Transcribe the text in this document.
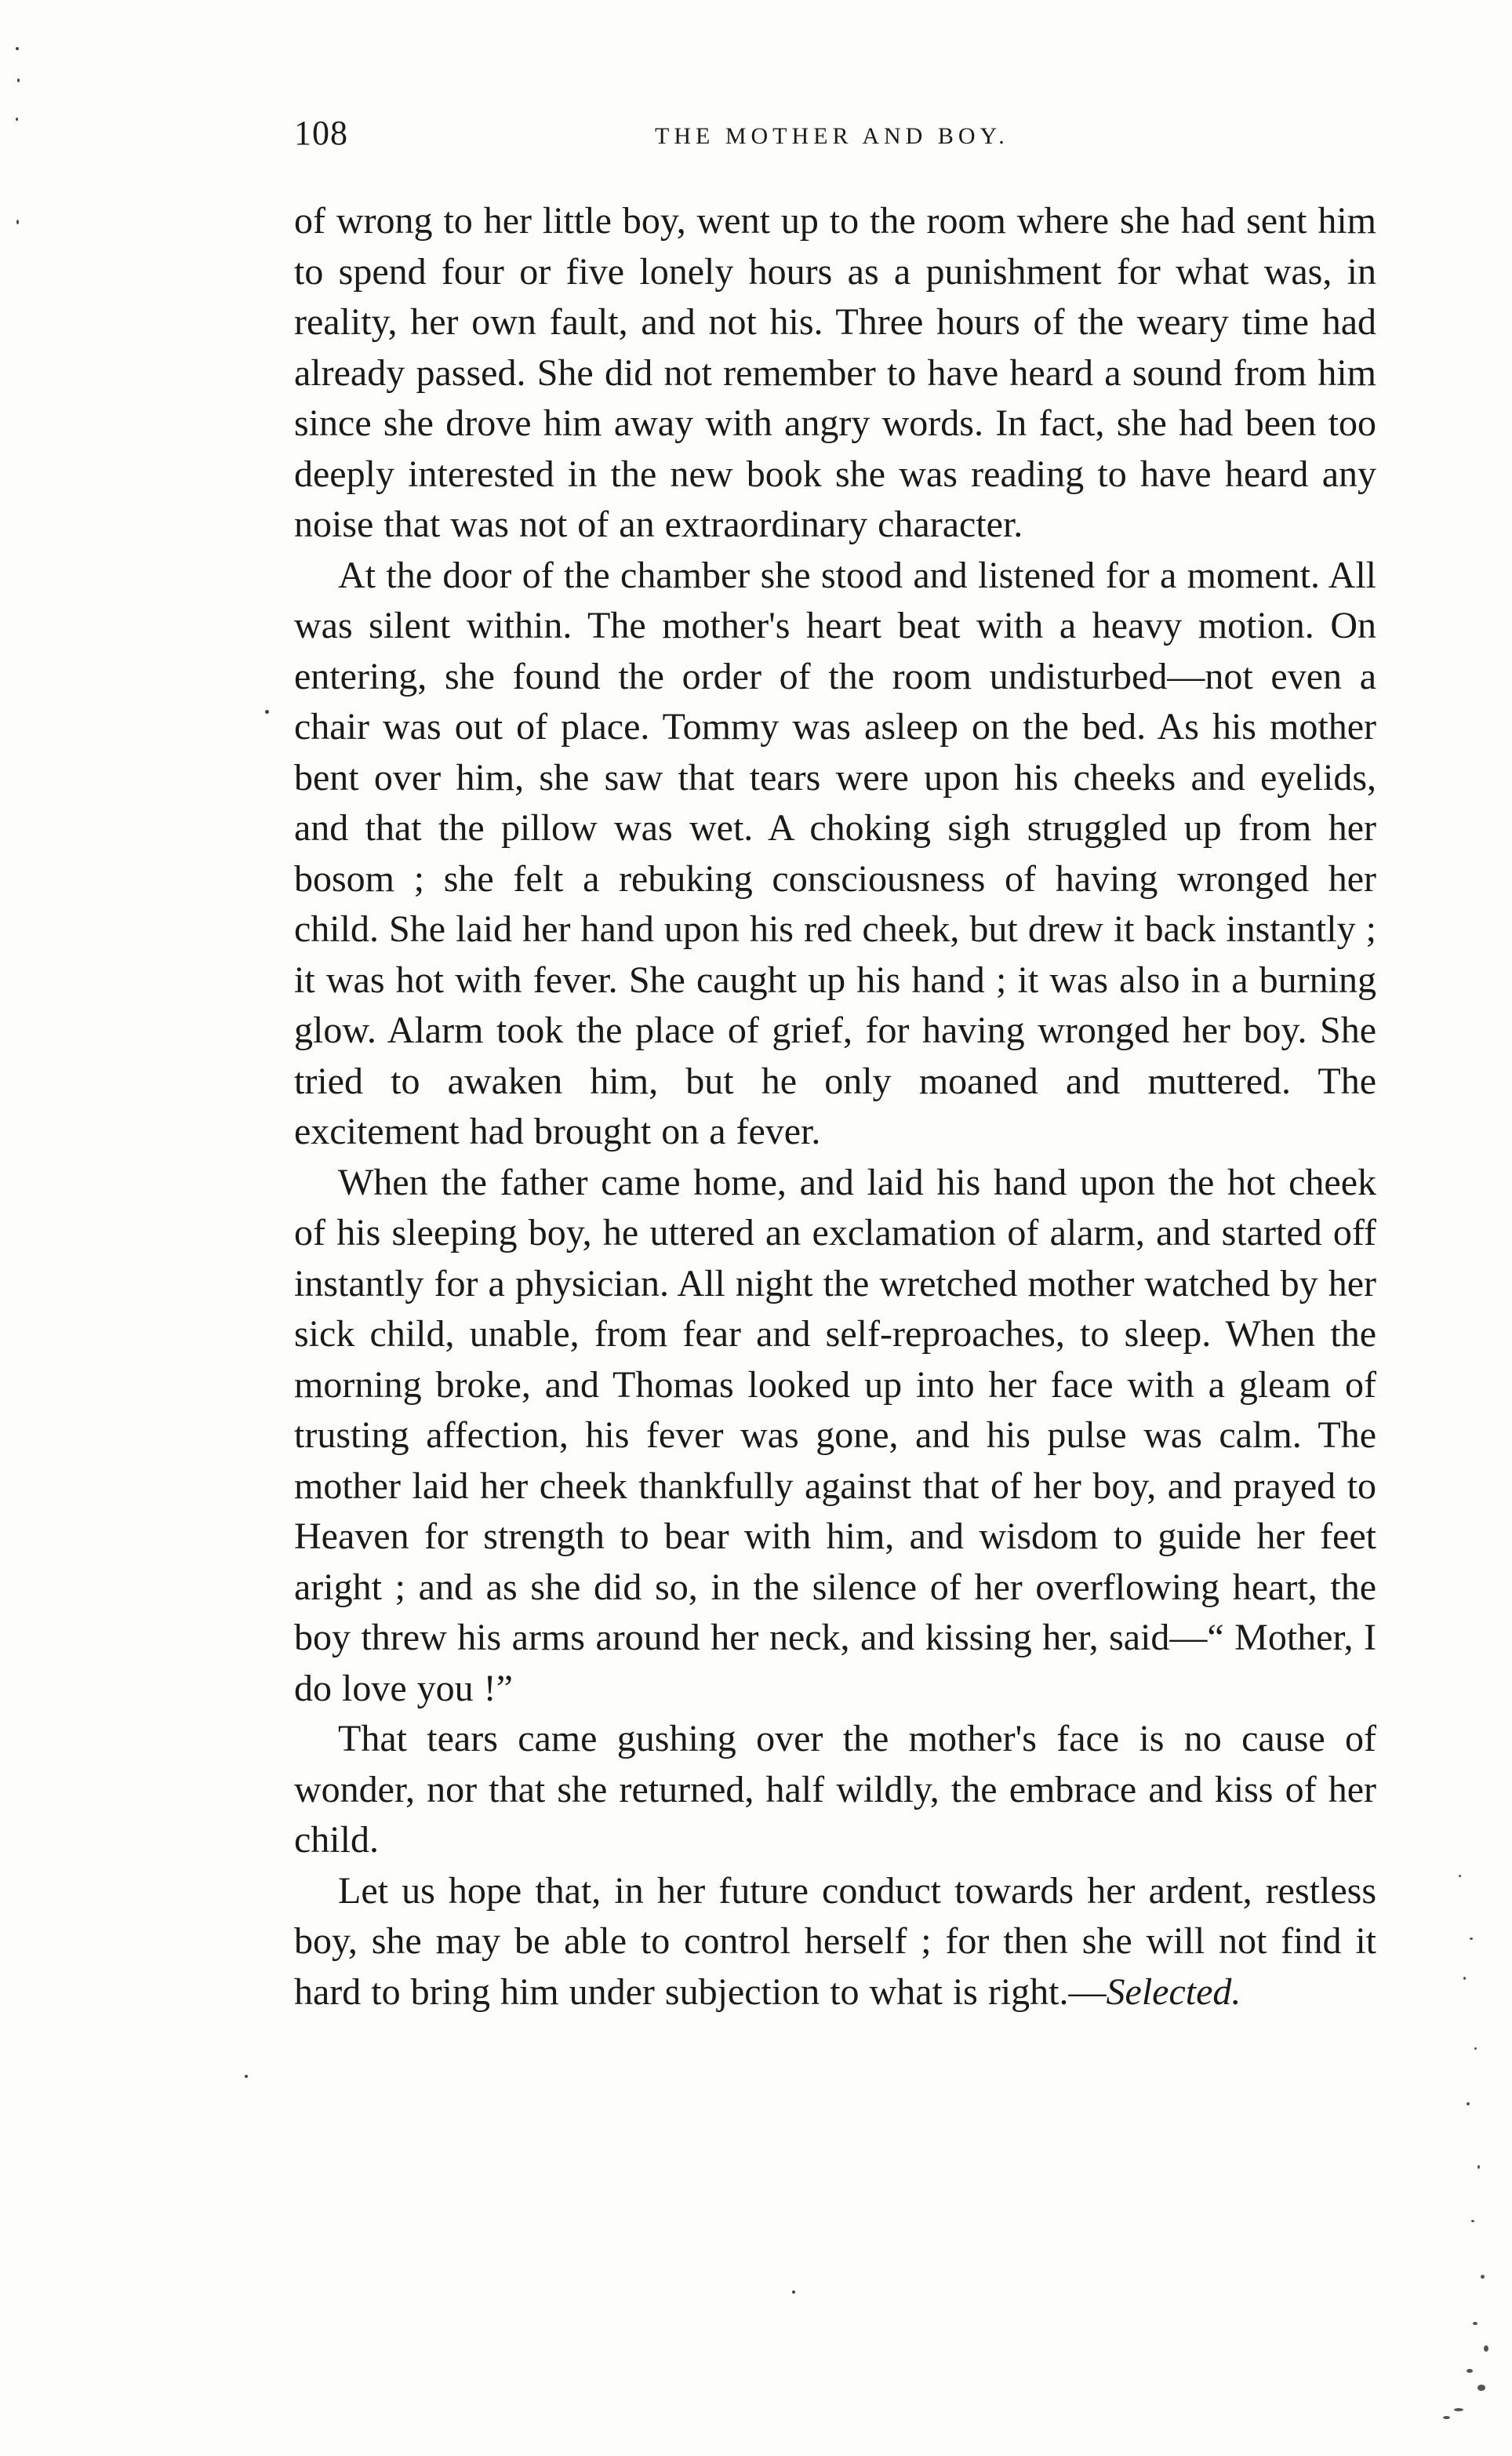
108	THE MOTHER AND BOY.

of wrong to her little boy, went up to the room where she had sent him to spend four or five lonely hours as a punishment for what was, in reality, her own fault, and not his. Three hours of the weary time had already passed. She did not remember to have heard a sound from him since she drove him away with angry words. In fact, she had been too deeply interested in the new book she was reading to have heard any noise that was not of an extraordinary character.

At the door of the chamber she stood and listened for a moment. All was silent within. The mother's heart beat with a heavy motion. On entering, she found the order of the room undisturbed—not even a chair was out of place. Tommy was asleep on the bed. As his mother bent over him, she saw that tears were upon his cheeks and eyelids, and that the pillow was wet. A choking sigh struggled up from her bosom ; she felt a rebuking consciousness of having wronged her child. She laid her hand upon his red cheek, but drew it back instantly ; it was hot with fever. She caught up his hand ; it was also in a burning glow. Alarm took the place of grief, for having wronged her boy. She tried to awaken him, but he only moaned and muttered. The excitement had brought on a fever.

When the father came home, and laid his hand upon the hot cheek of his sleeping boy, he uttered an exclamation of alarm, and started off instantly for a physician. All night the wretched mother watched by her sick child, unable, from fear and self-reproaches, to sleep. When the morning broke, and Thomas looked up into her face with a gleam of trusting affection, his fever was gone, and his pulse was calm. The mother laid her cheek thankfully against that of her boy, and prayed to Heaven for strength to bear with him, and wisdom to guide her feet aright ; and as she did so, in the silence of her overflowing heart, the boy threw his arms around her neck, and kissing her, said—“ Mother, I do love you !”

That tears came gushing over the mother's face is no cause of wonder, nor that she returned, half wildly, the embrace and kiss of her child.

Let us hope that, in her future conduct towards her ardent, restless boy, she may be able to control herself ; for then she will not find it hard to bring him under subjection to what is right.—Selected.
